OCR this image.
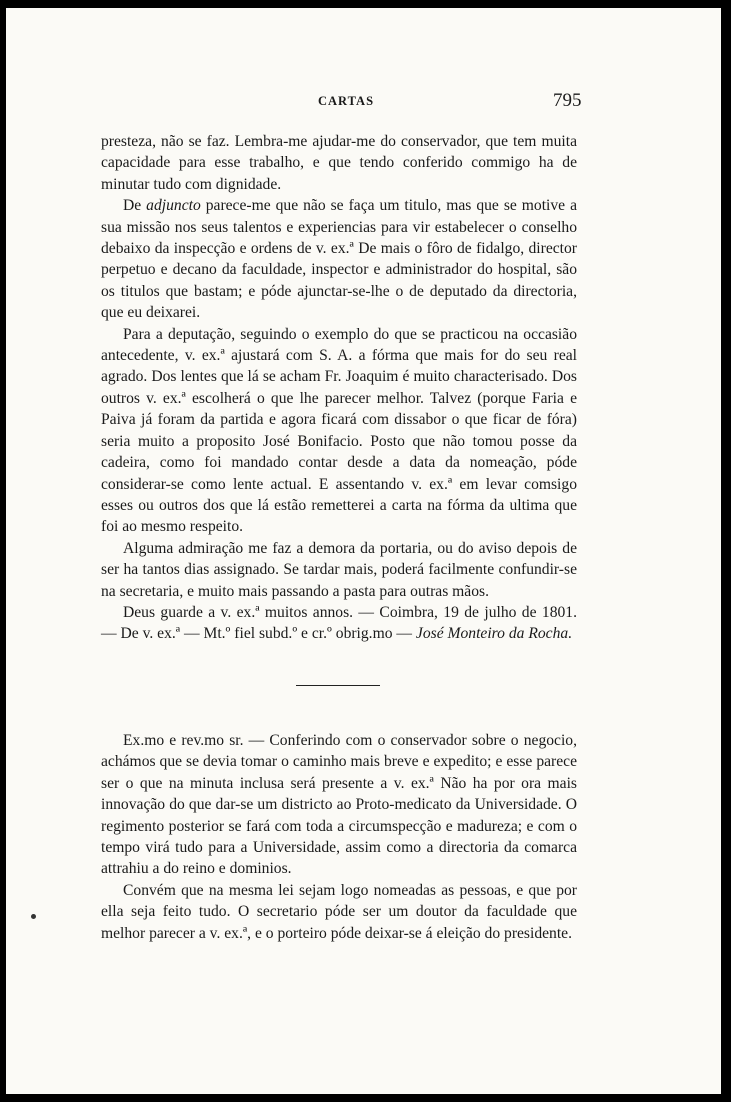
CARTAS	795

presteza, não se faz. Lembra-me ajudar-me do conservador, que tem muita capacidade para esse trabalho, e que tendo conferido commigo ha de minutar tudo com dignidade.

De adjuncto parece-me que não se faça um titulo, mas que se motive a sua missão nos seus talentos e experiencias para vir estabelecer o conselho debaixo da inspecção e ordens de v. ex.ª De mais o fôro de fidalgo, director perpetuo e decano da faculdade, inspector e administrador do hospital, são os titulos que bastam; e póde ajunctar-se-lhe o de deputado da directoria, que eu deixarei.

Para a deputação, seguindo o exemplo do que se practicou na occasião antecedente, v. ex.ª ajustará com S. A. a fórma que mais for do seu real agrado. Dos lentes que lá se acham Fr. Joaquim é muito characterisado. Dos outros v. ex.ª escolherá o que lhe parecer melhor. Talvez (porque Faria e Paiva já foram da partida e agora ficará com dissabor o que ficar de fóra) seria muito a proposito José Bonifacio. Posto que não tomou posse da cadeira, como foi mandado contar desde a data da nomeação, póde considerar-se como lente actual. E assentando v. ex.ª em levar comsigo esses ou outros dos que lá estão remetterei a carta na fórma da ultima que foi ao mesmo respeito.

Alguma admiração me faz a demora da portaria, ou do aviso depois de ser ha tantos dias assignado. Se tardar mais, poderá facilmente confundir-se na secretaria, e muito mais passando a pasta para outras mãos.

Deus guarde a v. ex.ª muitos annos. — Coimbra, 19 de julho de 1801. — De v. ex.ª — Mt.º fiel subd.º e cr.º obrig.mo — José Monteiro da Rocha.

Ex.mo e rev.mo sr. — Conferindo com o conservador sobre o negocio, achámos que se devia tomar o caminho mais breve e expedito; e esse parece ser o que na minuta inclusa será presente a v. ex.ª Não ha por ora mais innovação do que dar-se um districto ao Proto-medicato da Universidade. O regimento posterior se fará com toda a circumspecção e madureza; e com o tempo virá tudo para a Universidade, assim como a directoria da comarca attrahiu a do reino e dominios.

Convém que na mesma lei sejam logo nomeadas as pessoas, e que por ella seja feito tudo. O secretario póde ser um doutor da faculdade que melhor parecer a v. ex.ª, e o porteiro póde deixar-se á eleição do presidente.
